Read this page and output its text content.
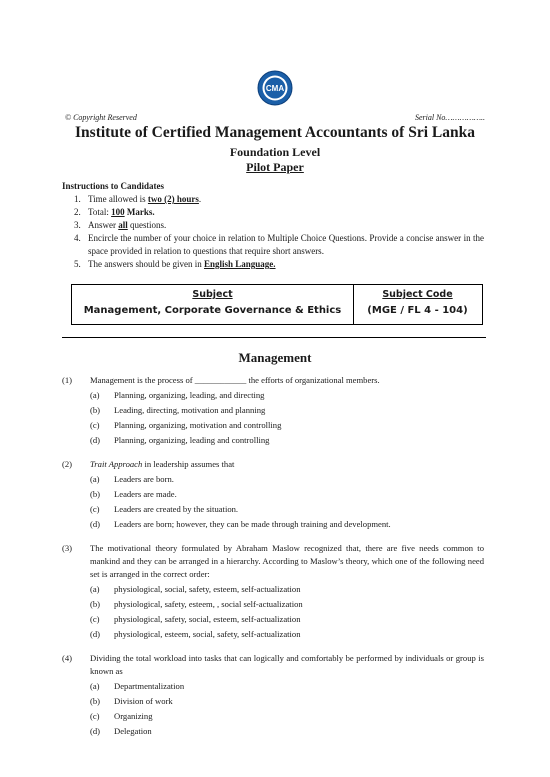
CMA
© Copyright Reserved	Serial No……………..
Institute of Certified Management Accountants of Sri Lanka
Foundation Level
Pilot Paper
Instructions to Candidates
1. Time allowed is two (2) hours.
2. Total: 100 Marks.
3. Answer all questions.
4. Encircle the number of your choice in relation to Multiple Choice Questions. Provide a concise answer in the space provided in relation to questions that require short answers.
5. The answers should be given in English Language.
Subject
Management, Corporate Governance & Ethics
Subject Code
(MGE / FL 4 - 104)
Management
(1) Management is the process of ____________ the efforts of organizational members.
(a) Planning, organizing, leading, and directing
(b) Leading, directing, motivation and planning
(c) Planning, organizing, motivation and controlling
(d) Planning, organizing, leading and controlling
(2) Trait Approach in leadership assumes that
(a) Leaders are born.
(b) Leaders are made.
(c) Leaders are created by the situation.
(d) Leaders are born; however, they can be made through training and development.
(3) The motivational theory formulated by Abraham Maslow recognized that, there are five needs common to mankind and they can be arranged in a hierarchy. According to Maslow’s theory, which one of the following need set is arranged in the correct order:
(a) physiological, social, safety, esteem, self-actualization
(b) physiological, safety, esteem, , social self-actualization
(c) physiological, safety, social, esteem, self-actualization
(d) physiological, esteem, social, safety, self-actualization
(4) Dividing the total workload into tasks that can logically and comfortably be performed by individuals or group is known as
(a) Departmentalization
(b) Division of work
(c) Organizing
(d) Delegation
